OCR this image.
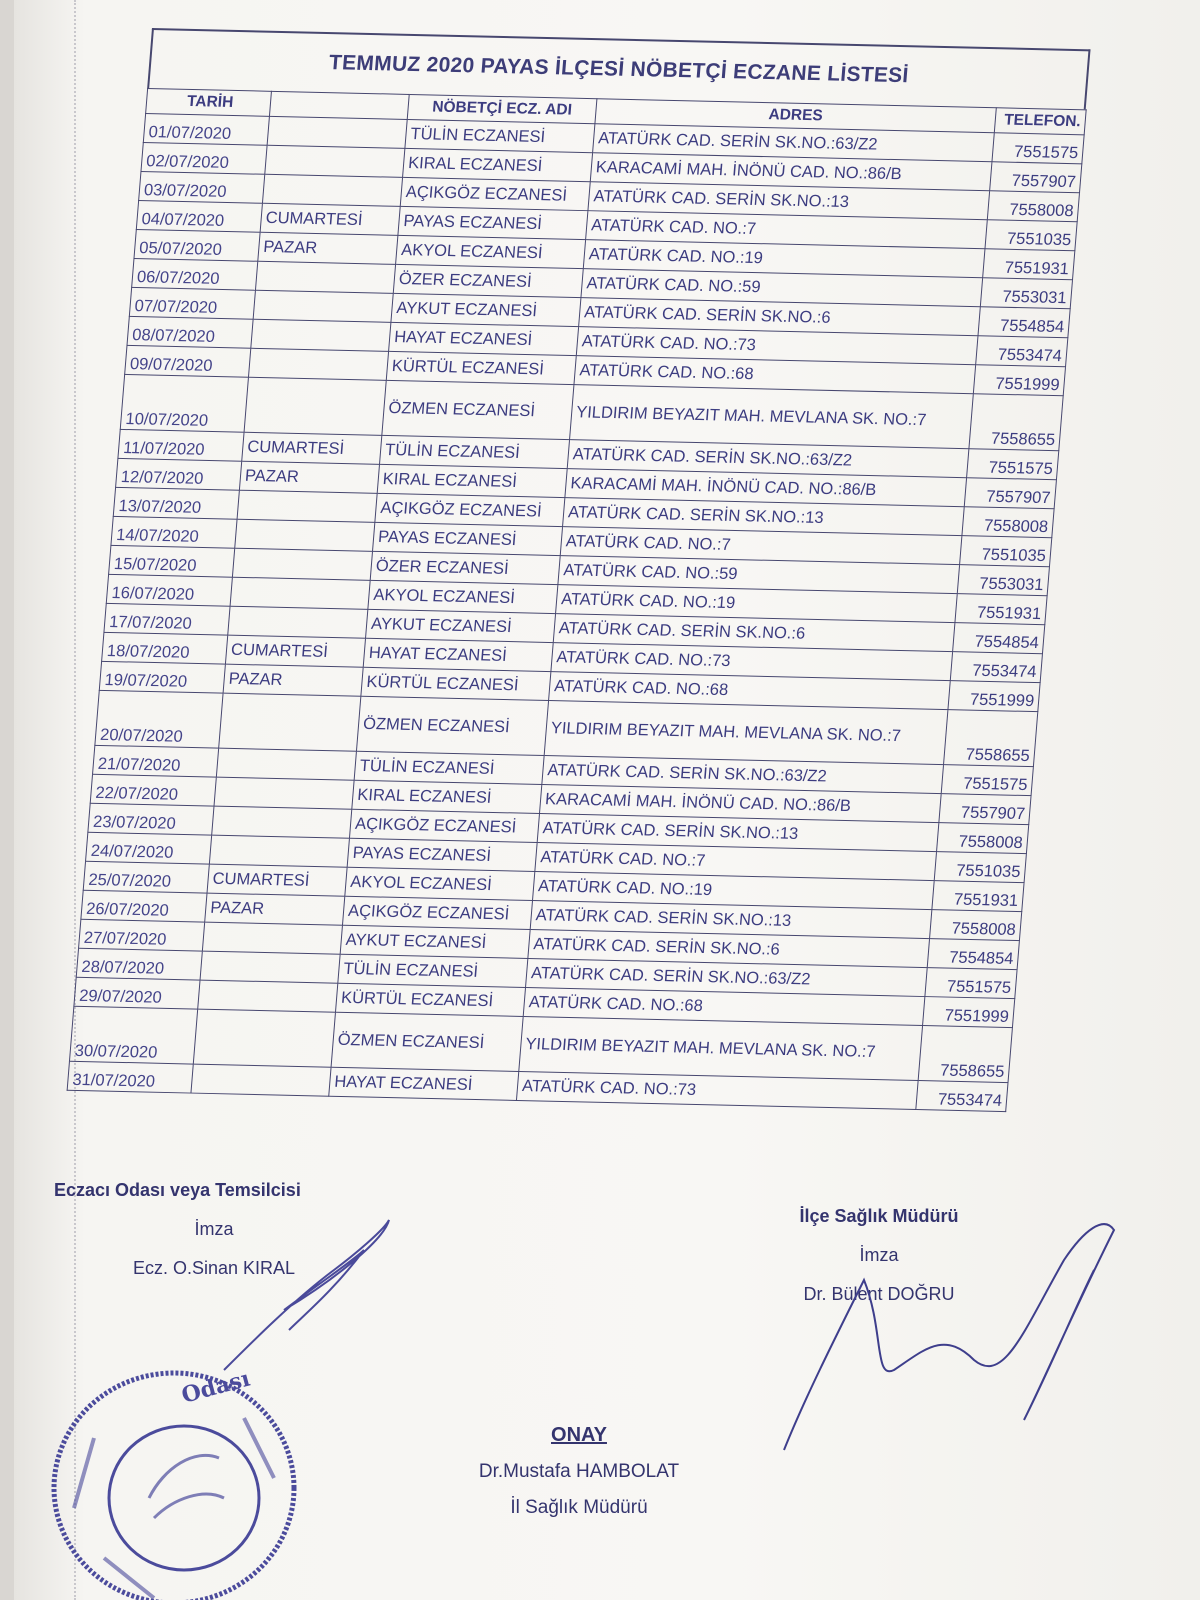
TEMMUZ 2020 PAYAS İLÇESİ NÖBETÇİ ECZANE LİSTESİ
TARİH		NÖBETÇİ ECZ. ADI	ADRES	TELEFON.
01/07/2020		TÜLİN ECZANESİ	ATATÜRK CAD. SERİN SK.NO.:63/Z2	7551575
02/07/2020		KIRAL ECZANESİ	KARACAMİ MAH. İNÖNÜ CAD. NO.:86/B	7557907
03/07/2020		AÇIKGÖZ ECZANESİ	ATATÜRK CAD. SERİN SK.NO.:13	7558008
04/07/2020	CUMARTESİ	PAYAS ECZANESİ	ATATÜRK CAD. NO.:7	7551035
05/07/2020	PAZAR	AKYOL ECZANESİ	ATATÜRK CAD. NO.:19	7551931
06/07/2020		ÖZER ECZANESİ	ATATÜRK CAD. NO.:59	7553031
07/07/2020		AYKUT ECZANESİ	ATATÜRK CAD. SERİN SK.NO.:6	7554854
08/07/2020		HAYAT ECZANESİ	ATATÜRK CAD. NO.:73	7553474
09/07/2020		KÜRTÜL ECZANESİ	ATATÜRK CAD. NO.:68	7551999
10/07/2020		ÖZMEN ECZANESİ	YILDIRIM BEYAZIT MAH. MEVLANA SK. NO.:7	7558655
11/07/2020	CUMARTESİ	TÜLİN ECZANESİ	ATATÜRK CAD. SERİN SK.NO.:63/Z2	7551575
12/07/2020	PAZAR	KIRAL ECZANESİ	KARACAMİ MAH. İNÖNÜ CAD. NO.:86/B	7557907
13/07/2020		AÇIKGÖZ ECZANESİ	ATATÜRK CAD. SERİN SK.NO.:13	7558008
14/07/2020		PAYAS ECZANESİ	ATATÜRK CAD. NO.:7	7551035
15/07/2020		ÖZER ECZANESİ	ATATÜRK CAD. NO.:59	7553031
16/07/2020		AKYOL ECZANESİ	ATATÜRK CAD. NO.:19	7551931
17/07/2020		AYKUT ECZANESİ	ATATÜRK CAD. SERİN SK.NO.:6	7554854
18/07/2020	CUMARTESİ	HAYAT ECZANESİ	ATATÜRK CAD. NO.:73	7553474
19/07/2020	PAZAR	KÜRTÜL ECZANESİ	ATATÜRK CAD. NO.:68	7551999
20/07/2020		ÖZMEN ECZANESİ	YILDIRIM BEYAZIT MAH. MEVLANA SK. NO.:7	7558655
21/07/2020		TÜLİN ECZANESİ	ATATÜRK CAD. SERİN SK.NO.:63/Z2	7551575
22/07/2020		KIRAL ECZANESİ	KARACAMİ MAH. İNÖNÜ CAD. NO.:86/B	7557907
23/07/2020		AÇIKGÖZ ECZANESİ	ATATÜRK CAD. SERİN SK.NO.:13	7558008
24/07/2020		PAYAS ECZANESİ	ATATÜRK CAD. NO.:7	7551035
25/07/2020	CUMARTESİ	AKYOL ECZANESİ	ATATÜRK CAD. NO.:19	7551931
26/07/2020	PAZAR	AÇIKGÖZ ECZANESİ	ATATÜRK CAD. SERİN SK.NO.:13	7558008
27/07/2020		AYKUT ECZANESİ	ATATÜRK CAD. SERİN SK.NO.:6	7554854
28/07/2020		TÜLİN ECZANESİ	ATATÜRK CAD. SERİN SK.NO.:63/Z2	7551575
29/07/2020		KÜRTÜL ECZANESİ	ATATÜRK CAD. NO.:68	7551999
30/07/2020		ÖZMEN ECZANESİ	YILDIRIM BEYAZIT MAH. MEVLANA SK. NO.:7	7558655
31/07/2020		HAYAT ECZANESİ	ATATÜRK CAD. NO.:73	7553474
Eczacı Odası veya Temsilcisi
İmza
Ecz. O.Sinan KIRAL
İlçe Sağlık Müdürü
İmza
Dr. Bülent DOĞRU
ONAY
Dr.Mustafa HAMBOLAT
İl Sağlık Müdürü
Odası
